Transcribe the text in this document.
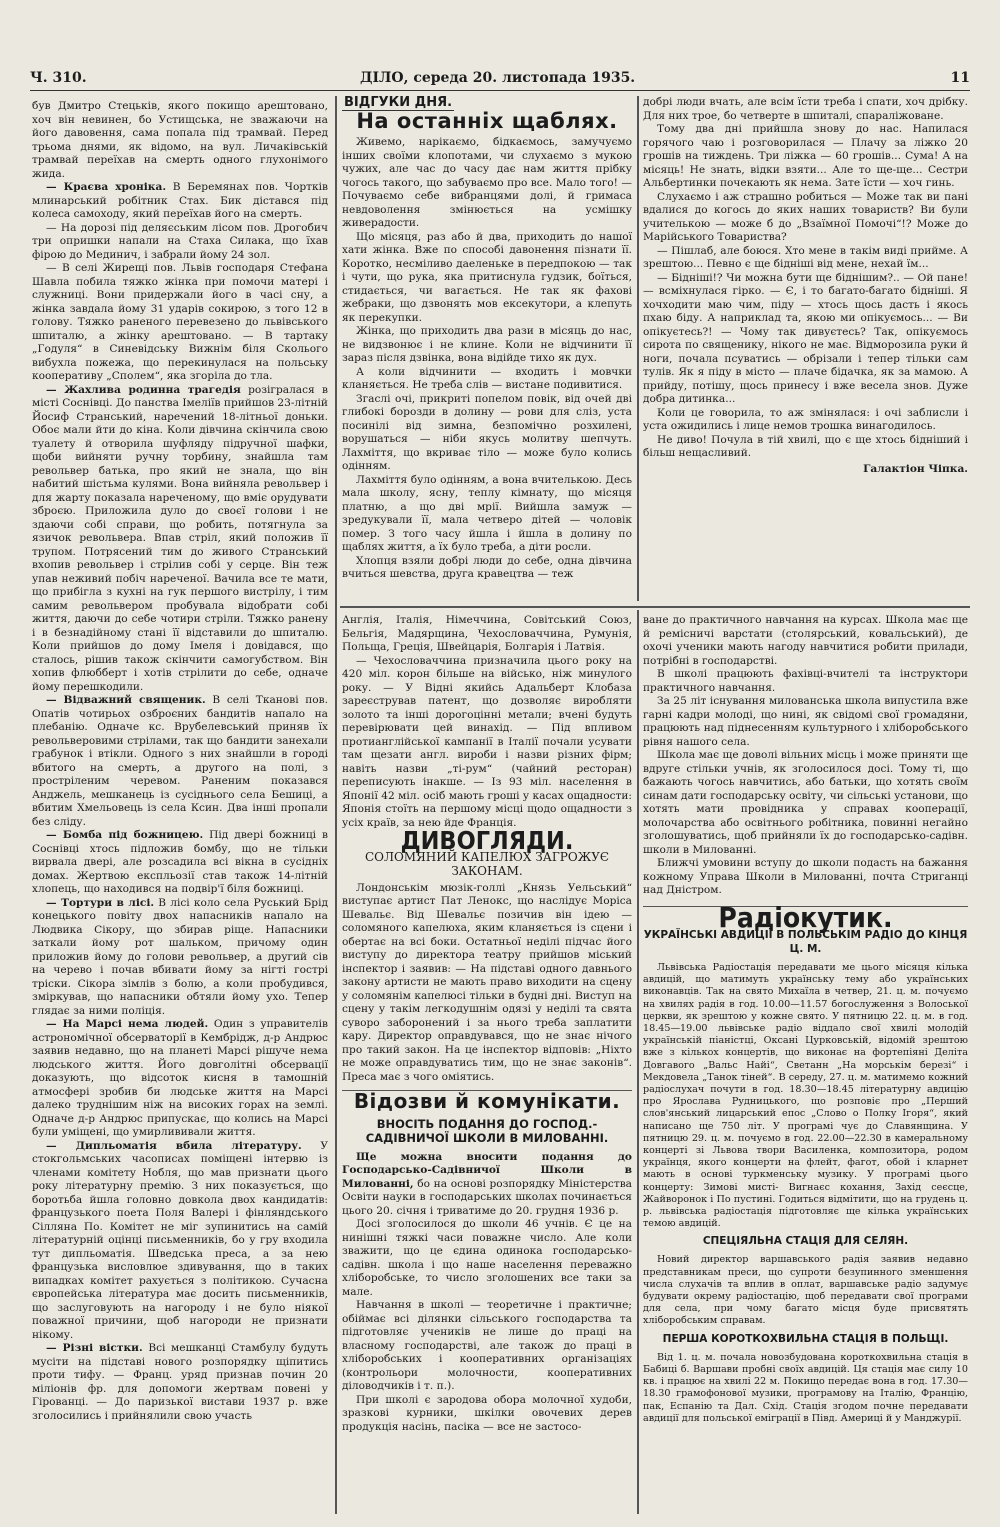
Ч. 310.	ДІЛО, середа 20. листопада 1935.	11

був Дмитро Стецьків, якого покищо арештовано, хоч він невинен, бо Устищська, не зважаючи на його давовення, сама попала під трамвай. Перед трьома днями, як відомо, на вул. Личаківській трамвай переїхав на смерть одного глухонімого жида.

— Краєва хроніка. В Беремянах пов. Чортків млинарський робітник Стах. Бик дістався під колеса самоходу, який переїхав його на смерть.

— На дорозі під деляєським лісом пов. Дрогобич три опришки напали на Стаха Силака, що їхав фірою до Мединич, і забрали йому 24 зол.

— В селі Жирещі пов. Львів господаря Стефана Шавла побила тяжко жінка при помочи матері і служниці. Вони придержали його в часі сну, а жінка завдала йому 31 ударів сокирою, з того 12 в голову. Тяжко раненого перевезено до львівського шпиталю, а жінку арештовано. — В тартаку „Годуля“ в Синевідську Вижнім біля Сколього вибухла пожежа, що перекинулася на польську кооперативу „Сполем“, яка згоріла до тла.

— Жахлива родинна трагедія розігралася в місті Соснівці. До панства Імеліїв прийшов 23-літній Йосиф Странський, наречений 18-літньої доньки. Обоє мали йти до кіна. Коли дівчина скінчила свою туалету й отворила шуфляду підручної шафки, щоби вийняти ручну торбину, знайшла там револьвер батька, про який не знала, що він набитий шістьма кулями. Вона вийняла револьвер і для жарту показала нареченому, що вміє орудувати зброєю. Приложила дуло до своєї голови і не здаючи собі справи, що робить, потягнула за язичок револьвера. Впав стріл, який положив її трупом. Потрясений тим до живого Странський вхопив револьвер і стрілив собі у серце. Він теж упав неживий побіч нареченої. Вачила все те мати, що прибігла з кухні на гук першого вистрілу, і тим самим револьвером пробувала відобрати собі життя, даючи до себе чотири стріли. Тяжко ранену і в безнадійному стані її відставили до шпиталю. Коли прийшов до дому Імеля і довідався, що сталось, рішив також скінчити самогубством. Він хопив флюбберт і хотів стрілити до себе, одначе йому перешкодили.

— Відважний священик. В селі Тканові пов. Опатів чотирьох озброєних бандитів напало на плебанію. Одначе кс. Врубелевський приняв їх револьверовими стрілами, так що бандити занехали грабунок і втікли. Одного з них знайшли в городі вбитого на смерть, а другого на полі, з простріленим черевом. Раненим показався Анджель, мешканець із сусіднього села Бешиці, а вбитим Хмельовець із села Ксин. Два інші пропали без сліду.

— Бомба під божницею. Під двері божниці в Соснівці хтось підложив бомбу, що не тільки вирвала двері, але розсадила всі вікна в сусідніх домах. Жертвою експльозії став також 14-літній хлопець, що находився на подвір'ї біля божниці.

— Тортури в лісі. В лісі коло села Руський Брід конецького повіту двох напасників напало на Людвика Сікору, що збирав ріще. Напасники заткали йому рот шальком, причому один приложив йому до голови револьвер, а другий сів на черево і почав вбивати йому за нігті гострі тріски. Сікора зімлів з болю, а коли пробудився, зміркував, що напасники обтяли йому ухо. Тепер глядає за ними поліція.

— На Марсі нема людей. Один з управителів астрономічної обсерваторії в Кембрідж, д-р Андрюс заявив недавно, що на планеті Марсі рішуче нема людського життя. Його довголітні обсервації доказують, що відсоток кисня в тамошній атмосфері зробив би людське життя на Марсі далеко труднішим ніж на високих горах на землі. Одначе д-р Андрюс припускає, що колись на Марсі були уміщені, що умирлививали життя.

— Дипльоматія вбила літературу. У стокгольмських часописах поміщені інтервю із членами комітету Нобля, що мав признати цього року літературну премію. З них показується, що боротьба йшла головно довкола двох кандидатів: французького поета Поля Валері і фінляндського Сілляна По. Комітет не міг зупинитись на самій літературній оцінці письменників, бо у гру входила тут дипльоматія. Шведська преса, а за нею французька висловлюе здивування, що в таких випадках комітет рахується з політикою. Сучасна європейська література має досить письменників, що заслуговують на нагороду і не було ніякої поважної причини, щоб нагороди не признати нікому.

— Різні вістки. Всі мешканці Стамбулу будуть мусіти на підставі нового розпорядку щіпитись проти тифу. — Франц. уряд признав почин 20 міліонів фр. для допомоги жертвам повені у Гірованці. — До паризької вистави 1937 р. вже зголосились і прийнялили свою участь

ВІДГУКИ ДНЯ.
На останніх щаблях.

Живемо, нарікаємо, бідкаємось, замучуємо інших своїми клопотами, чи слухаємо з мукою чужих, але час до часу дає нам життя прібку чогось такого, що забуваємо про все. Мало того! — Почуваємо себе вибранцями долі, й гримаса невдоволення змінюється на усмішку живерадости.

Що місяця, раз або й два, приходить до нашої хати жінка. Вже по способі давонення пізнати її. Коротко, несміливо даеленьке в передпокою — так і чути, що рука, яка притиснула гудзик, боїться, стидається, чи вагається. Не так як фахові жебраки, що дзвонять мов ексекутори, а клепуть як перекупки.

Жінка, що приходить два рази в місяць до нас, не видзвонює і не клине. Коли не відчинити її зараз після дзвінка, вона відійде тихо як дух.

А коли відчинити — входить і мовчки кланяється. Не треба слів — вистане подивитися.

Згаслі очі, прикриті попелом повік, від очей дві глибокі борозди в долину — рови для сліз, уста посинілі від зимна, безпомічно розхилені, ворушаться — ніби якусь молитву шепчуть. Лахміття, що вкриває тіло — може було колись одінням.

Лахміття було одінням, а вона вчителькою. Десь мала школу, ясну, теплу кімнату, що місяця платню, а що дві мрії. Вийшла замуж — зредукували її, мала четверо дітей — чоловік помер. З того часу йшла і йшла в долину по щаблях життя, а їх було треба, а діти росли.

Хлопця взяли добрі люди до себе, одна дівчина вчиться шевства, друга кравецтва — теж

добрі люди вчать, але всім їсти треба і спати, хоч дрібку. Для них трое, бо четверте в шпиталі, спараліжоване.

Тому два дні прийшла знову до нас. Напилася горячого чаю і розговорилася — Плачу за ліжко 20 грошів на тиждень. Три ліжка — 60 грошів... Сума! А на місяць! Не знать, відки взяти... Але то ще-ще... Сестри Альбертинки почекають як нема. Зате їсти — хоч гинь.

Слухаємо і аж страшно робиться — Може так ви пані вдалися до когось до яких наших товариств? Ви були учителькою — може б до „Взаїмної Помочі“!? Може до Марійського Товариства?

— Пішлаб, але боюся. Хто мене в такім виді прийме. А зрештою... Певно є ще бідніші від мене, нехай їм...

— Бідніші!? Чи можна бути ще біднішим?.. — Ой пане! — всміхнулася гірко. — Є, і то багато-багато бідніші. Я хочходити маю чим, піду — хтось щось дасть і якось пхаю біду. А наприклад та, якою ми опікуємось... — Ви опікуєтесь?! — Чому так дивуєтесь? Так, опікуємось сирота по священику, нікого не має. Відморозила руки й ноги, почала псуватись — обрізали і тепер тільки сам тулів. Як я піду в місто — плаче бідачка, як за мамою. А прийду, потішу, щось принесу і вже весела знов. Дуже добра дитинка...

Коли це говорила, то аж змінялася: і очі заблисли і уста ожидились і лице немов трошка винагодилось.

Не диво! Почула в тій хвилі, що є ще хтось бідніший і більш нещасливий.

Галактіон Чіпка.

Англія, Італія, Німеччина, Совітський Союз, Бельгія, Мадярщина, Чехословаччина, Румунія, Польща, Греція, Швейцарія, Болгарія і Латвія.

— Чехословаччина призначила цього року на 420 міл. корон більше на військо, ніж минулого року. — У Відні якийсь Адальберт Клобаза зареєстрував патент, що дозволяє виробляти золото та інші дорогоцінні метали; вчені будуть перевірювати цей винахід. — Під впливом протианглійської кампанії в Італії почали усувати там щезати англ. вироби і назви різних фірм; навіть назви „ті-рум“ (чайний ресторан) переписують інакше. — Із 93 міл. населення в Японії 42 міл. осіб мають гроші у касах ощадности: Японія стоїть на першому місці щодо ощадности з усіх країв, за нею йде Франція.

ДИВОГЛЯДИ.
СОЛОМЯНИЙ КАПЕЛЮХ ЗАГРОЖУЄ ЗАКОНАМ.

Лондонськім мюзік-голлі „Князь Уельський“ виступає артист Пат Ленокс, що наслідує Моріса Шевальє. Від Шевальє позичив він ідею — соломяного капелюха, яким кланяється із сцени і обертає на всі боки. Остатньої неділі підчас його виступу до директора театру прийшов міський інспектор і заявив: — На підставі одного давнього закону артисти не мають право виходити на сцену у соломянім капелюсі тільки в будні дні. Виступ на сцену у такім легкодушнім одязі у неділі та свята суворо заборонений і за нього треба заплатити кару. Директор оправдувався, що не знає нічого про такий закон. На це інспектор відповів: „Ніхто не може оправдуватись тим, що не знає законів“. Преса має з чого оміятись.

Відозви й комунікати.
ВНОСІТЬ ПОДАННЯ ДО ГОСПОД.-САДІВНИЧОЇ ШКОЛИ В МИЛОВАННІ.

Ще можна вносити подання до Господарсько-Садівничої Школи в Милованні, бо на основі розпорядку Міністерства Освіти науки в господарських школах починається цього 20. січня і триватиме до 20. грудня 1936 р.

Досі зголосилося до школи 46 учнів. Є це на нинішні тяжкі часи поважне число. Але коли зважити, що це єдина одинока господарсько-садівн. школа і що наше населення переважно хліборобське, то число зголошених все таки за мале.

Навчання в школі — теоретичне і практичне; обіймає всі ділянки сільського господарства та підготовляє учеників не лише до праці на власному господарстві, але також до праці в хліборобських і кооперативних організаціях (контрольори молочности, кооперативних діловодчиків і т. п.).

При школі є зародова обора молочної худоби, зразкові курники, шкілки овочевих дерев продукція насінь, пасіка — все не застосо-

ване до практичного навчання на курсах. Школа має ще й ремісничі варстати (столярський, ковальський), де охочі ученики мають нагоду навчитися робити прилади, потрібні в господарстві.

В школі працюють фахівці-вчителі та інструктори практичного навчання.

За 25 літ існування милованська школа випустила вже гарні кадри молоді, що нині, як свідомі свої громадяни, працюють над піднесенням культурного і хліборобського рівня нашого села.

Школа має ще довoлі вільних місць і може приняти ще вдруге стільки учнів, як зголосилося досі. Тому ті, що бажають чогось навчитись, або батьки, що хотять своїм синам дати господарську освіту, чи сільські установи, що хотять мати провідника у справах кооперації, молочарства або освітнього робітника, повинні негайно зголошуватись, щоб прийняли їх до господарсько-садівн. школи в Милованні.

Ближчі умовини вступу до школи подасть на бажання кожному Управа Школи в Милованні, почта Стриганці над Дністром.

Радіокутик.
УКРАЇНСЬКІ АВДИЦІЇ В ПОЛЬСЬКІМ РАДІО ДО КІНЦЯ Ц. М.

Львівська Радіостація передавати ме цього місяця кілька авдицій, що матимуть українську тему або українських виконавців. Так на свято Михаїла в четвер, 21. ц. м. почуємо на хвилях радія в год. 10.00—11.57 богослуження з Волоської церкви, як зрештою у кожне свято. У пятницю 22. ц. м. в год. 18.45—19.00 львівське радіо віддало свої хвилі молодій українській піаністці, Оксані Цурковській, відомій зрештою вже з кількох концертів, що виконає на фортепіяні Деліта Довгавого „Вальс Найі“, Светанн „На морськім березі“ і Мекдовела „Танок тіней“. В середу, 27. ц. м. матимемо кожний радіослухач почути в год. 18.30—18.45 літературну авдицію про Ярослава Рудницького, що розповіє про „Перший слов'янський лицарський епос „Слово о Полку Ігоря“, який написано ще 750 літ. У програмі чує до Славянщина. У пятницю 29. ц. м. почуємо в год. 22.00—22.30 в камеральному концерті зі Львова твори Василенка, композитора, родом українця, якого концерти на флейт, фагот, обой і кларнет мають в основі туркменську музику. У програмі цього концерту: Зимові мисті- Вигнаєс кохання, Захід сеєсце, Жайворонок і По пустині. Годиться відмітити, що на грудень ц. р. львівська радіостація підготовляє ще кілька українських темою авдицій.

СПЕЦІЯЛЬНА СТАЦІЯ ДЛЯ СЕЛЯН.

Новий директор варшавського радія заявив недавно представникам преси, що супроти безупинного зменшення числа слухачів та вплив в оплат, варшавське радіо задумує будувати окрему радіостацію, щоб передавати свої програми для села, при чому багато місця буде присвятять хліборобським справам.

ПЕРША КОРОТКОХВИЛЬНА СТАЦІЯ В ПОЛЬЩІ.

Від 1. ц. м. почала новозбудована короткохвильна стація в Бабиці б. Варшави пробні своїх авдицій. Ця стація має силу 10 кв. і працює на хвилі 22 м. Покищо передає вона в год. 17.30—18.30 грамофонової музики, програмову на Італію, Францію, пак, Еспанію та Дал. Схід. Стація згодом почне передавати авдиції для польської еміграції в Півд. Америці й у Манджурії.
